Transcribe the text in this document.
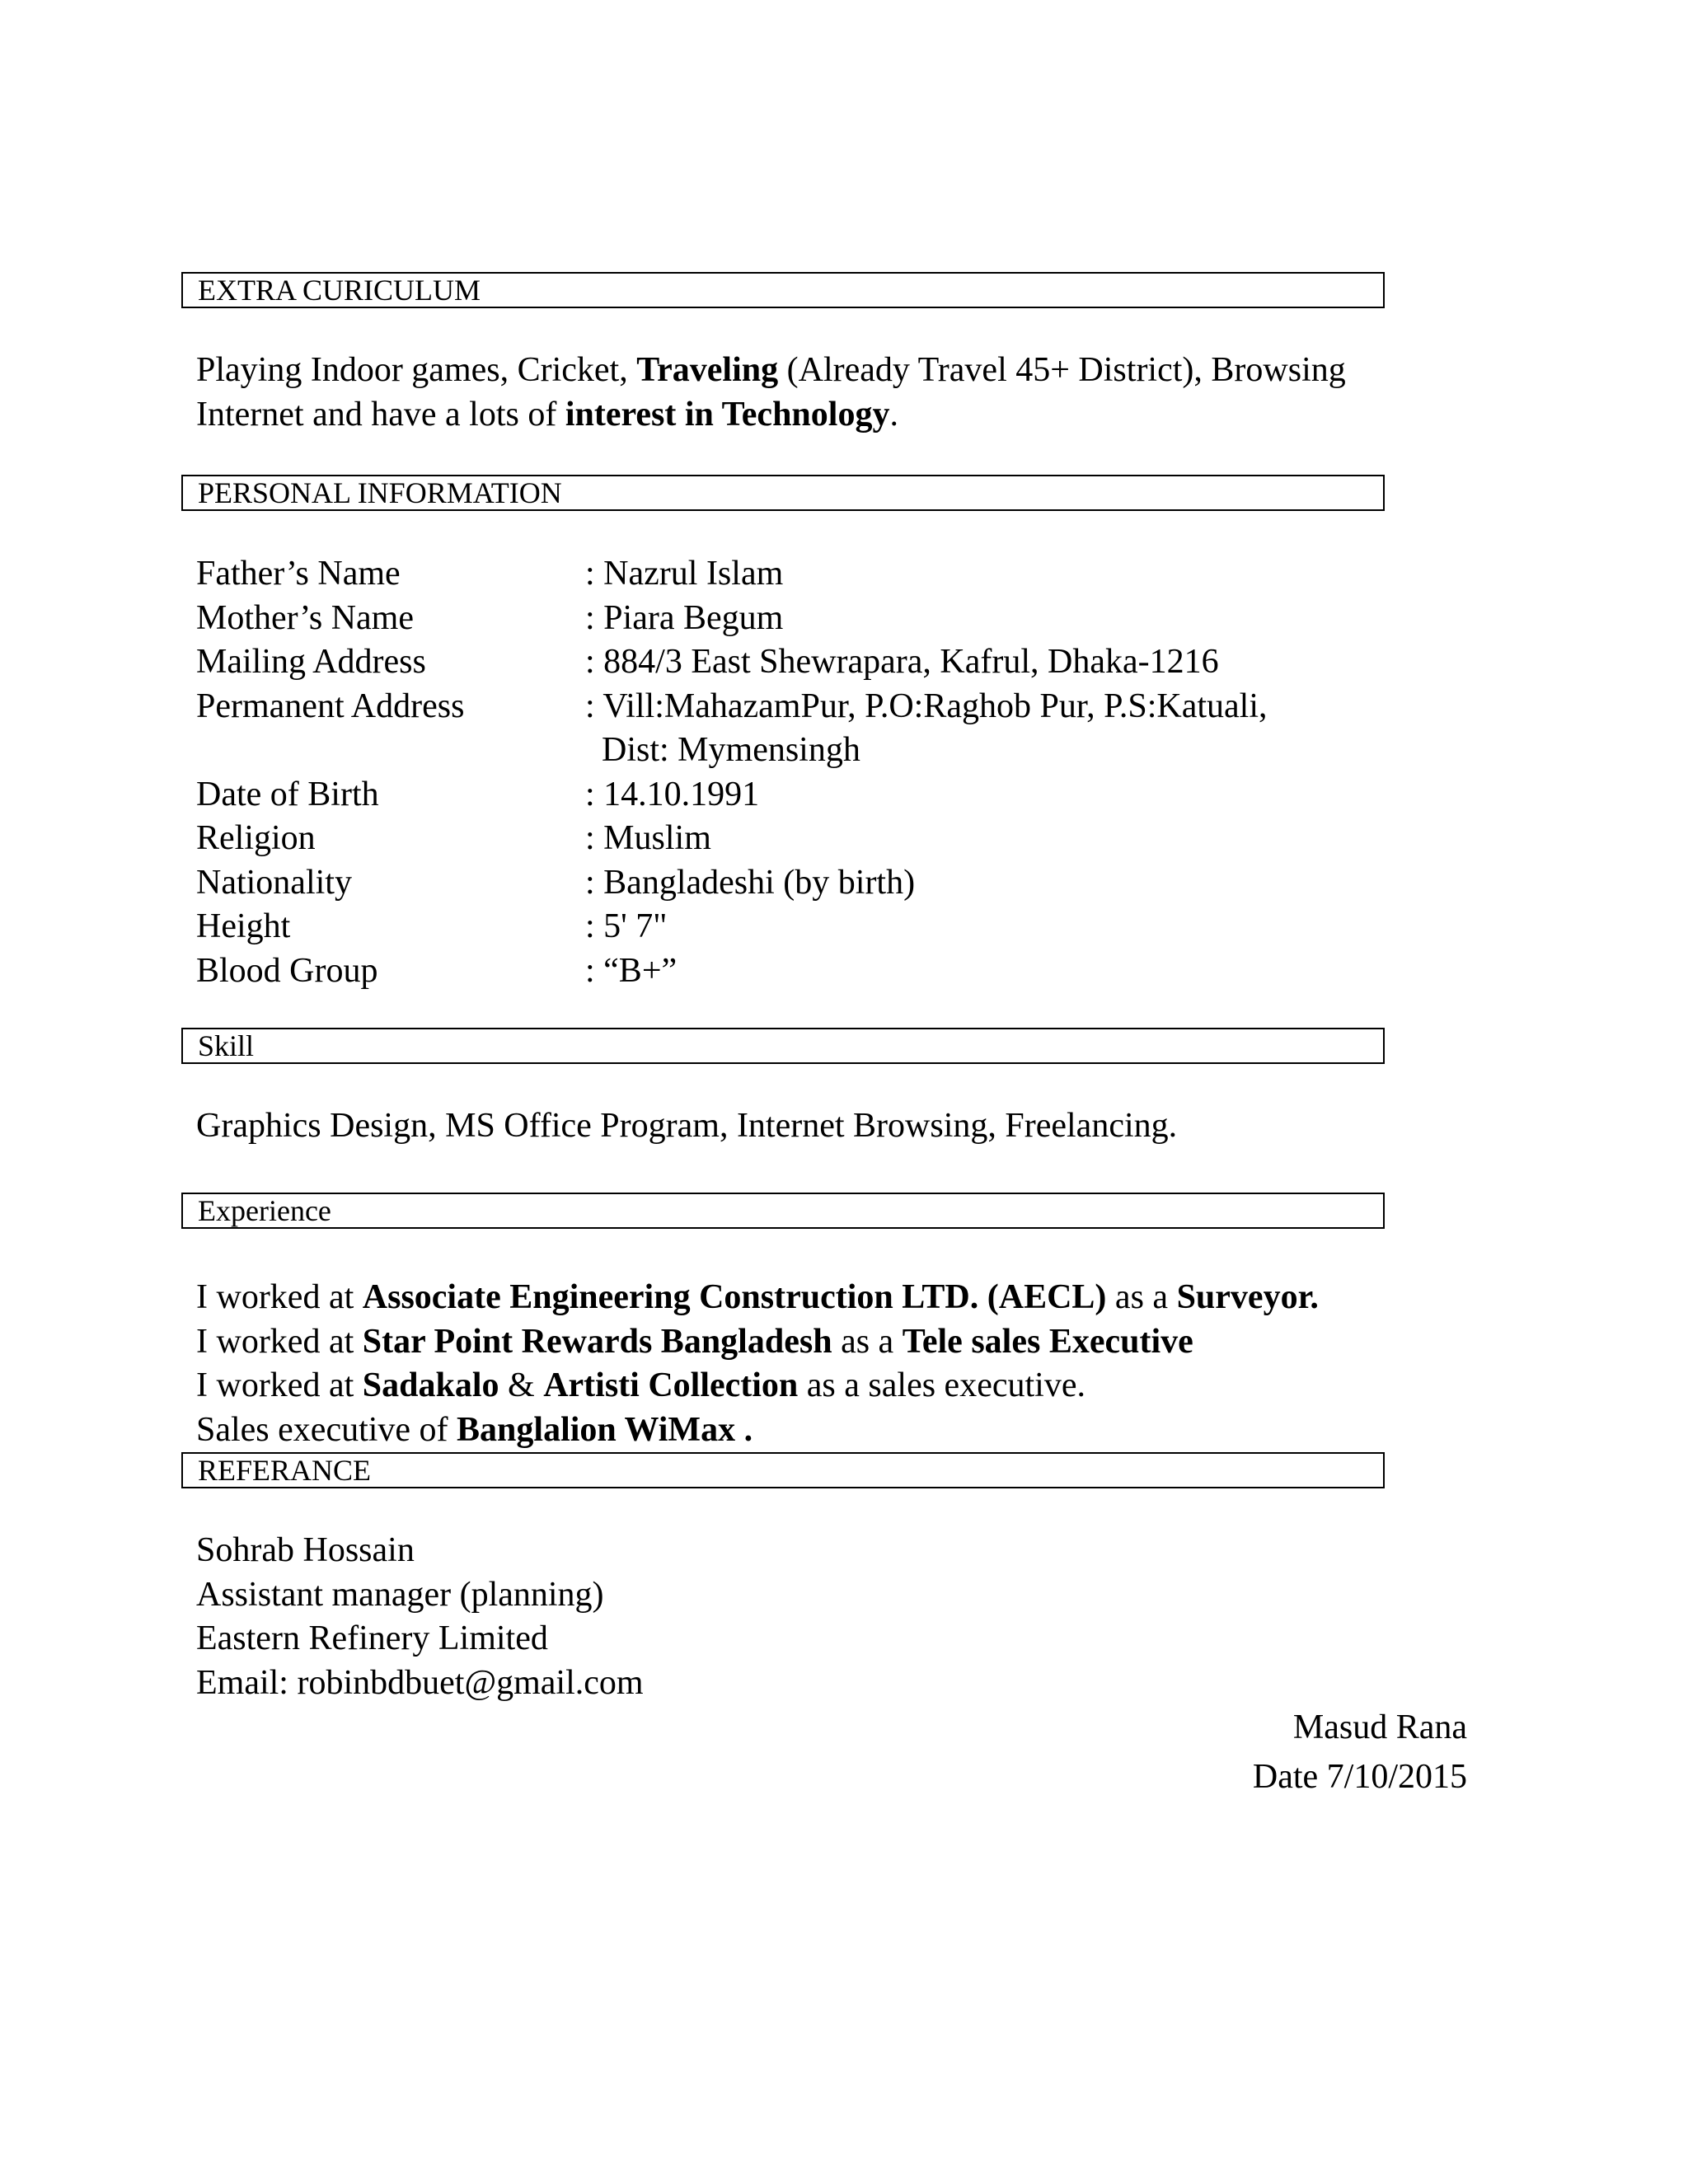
EXTRA CURICULUM
Playing Indoor games, Cricket, Traveling (Already Travel 45+ District), Browsing
Internet and have a lots of interest in Technology.
PERSONAL INFORMATION
Father’s Name	: Nazrul Islam
Mother’s Name	: Piara Begum
Mailing Address	: 884/3 East Shewrapara, Kafrul, Dhaka-1216
Permanent Address	: Vill:MahazamPur, P.O:Raghob Pur, P.S:Katuali,
Dist: Mymensingh
Date of Birth	: 14.10.1991
Religion	: Muslim
Nationality	: Bangladeshi (by birth)
Height	: 5' 7"
Blood Group	: “B+”
Skill
Graphics Design, MS Office Program, Internet Browsing, Freelancing.
Experience
I worked at Associate Engineering Construction LTD. (AECL) as a Surveyor.
I worked at Star Point Rewards Bangladesh as a Tele sales Executive
I worked at Sadakalo & Artisti Collection as a sales executive.
Sales executive of Banglalion WiMax .
REFERANCE
Sohrab Hossain
Assistant manager (planning)
Eastern Refinery Limited
Email: robinbdbuet@gmail.com
Masud Rana
Date 7/10/2015
